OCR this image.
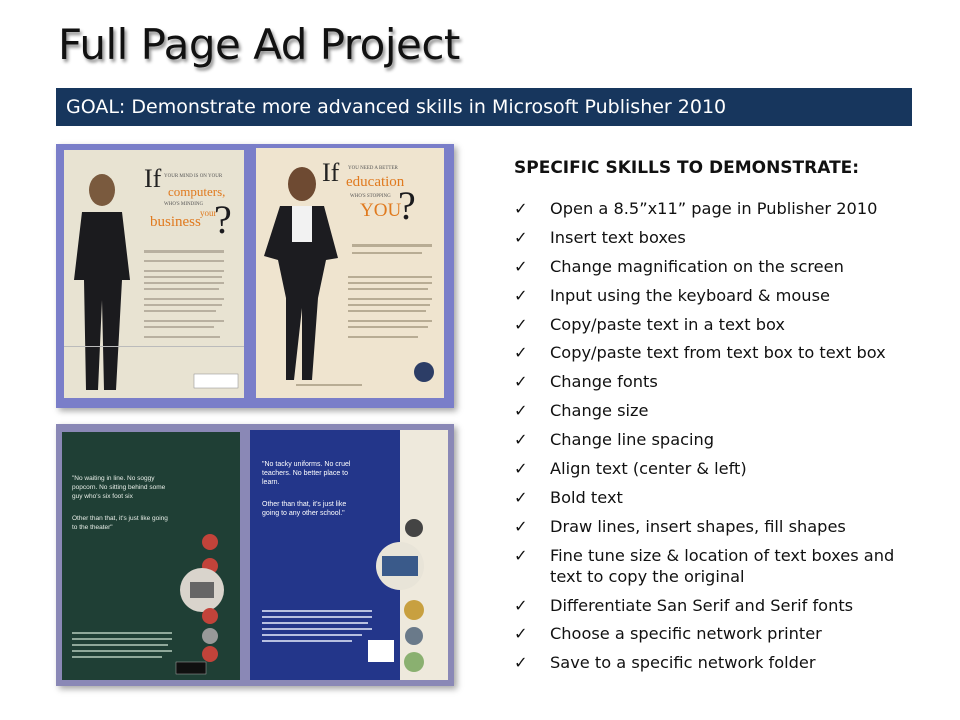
Full Page Ad Project
GOAL: Demonstrate more advanced skills in Microsoft Publisher 2010
If YOUR MIND IS ON YOUR
computers,
WHO'S MINDING
your
business ?
If YOU NEED A BETTER
education
WHO'S STOPPING
YOU
?
"No waiting in line. No soggy popcorn. No sitting behind some guy who's six foot six
Other than that, it's just like going to the theater"
"No tacky uniforms. No cruel teachers. No better place to learn.
Other than that, it's just like going to any other school."
SPECIFIC SKILLS TO DEMONSTRATE:
✓ Open a 8.5”x11” page in Publisher 2010
✓ Insert text boxes
✓ Change magnification on the screen
✓ Input using the keyboard & mouse
✓ Copy/paste text in a text box
✓ Copy/paste text from text box to text box
✓ Change fonts
✓ Change size
✓ Change line spacing
✓ Align text (center & left)
✓ Bold text
✓ Draw lines, insert shapes, fill shapes
✓ Fine tune size & location of text boxes and text to copy the original
✓ Differentiate San Serif and Serif fonts
✓ Choose a specific network printer
✓ Save to a specific network folder
